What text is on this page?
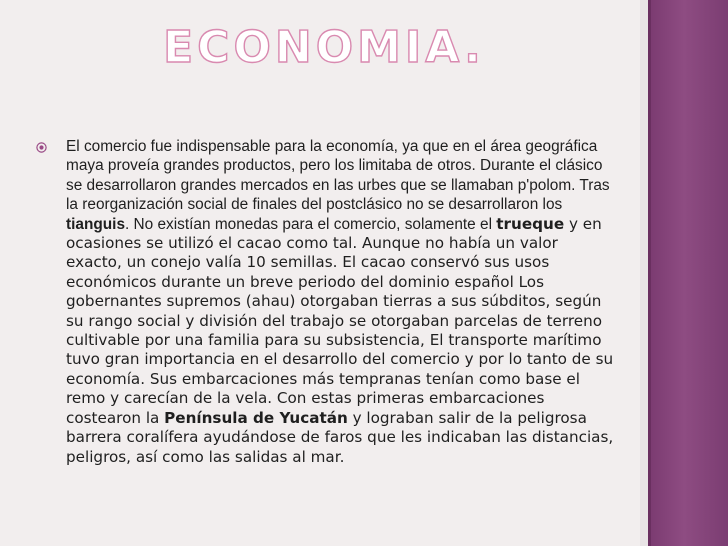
ECONOMIA.

El comercio fue indispensable para la economía, ya que en el área geográfica maya proveía grandes productos, pero los limitaba de otros. Durante el clásico se desarrollaron grandes mercados en las urbes que se llamaban p'polom. Tras la reorganización social de finales del postclásico no se desarrollaron los tianguis. No existían monedas para el comercio, solamente el trueque y en ocasiones se utilizó el cacao como tal. Aunque no había un valor exacto, un conejo valía 10 semillas. El cacao conservó sus usos económicos durante un breve periodo del dominio español Los gobernantes supremos (ahau) otorgaban tierras a sus súbditos, según su rango social y división del trabajo se otorgaban parcelas de terreno cultivable por una familia para su subsistencia, El transporte marítimo tuvo gran importancia en el desarrollo del comercio y por lo tanto de su economía. Sus embarcaciones más tempranas tenían como base el remo y carecían de la vela. Con estas primeras embarcaciones costearon la Península de Yucatán y lograban salir de la peligrosa barrera coralífera ayudándose de faros que les indicaban las distancias, peligros, así como las salidas al mar.
